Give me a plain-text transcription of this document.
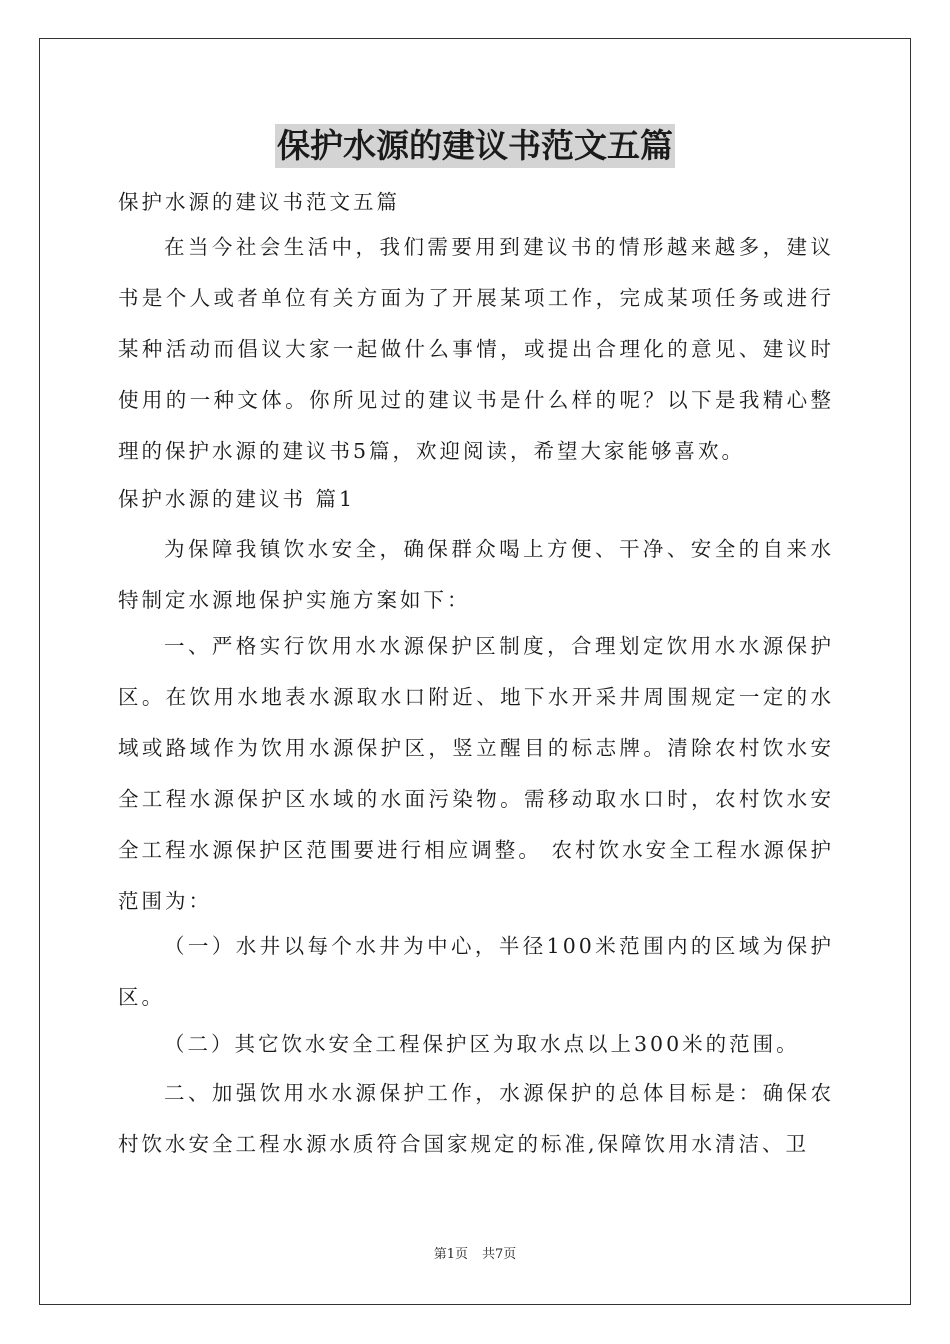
保护水源的建议书范文五篇

保护水源的建议书范文五篇

在当今社会生活中，我们需要用到建议书的情形越来越多，建议书是个人或者单位有关方面为了开展某项工作，完成某项任务或进行某种活动而倡议大家一起做什么事情，或提出合理化的意见、建议时使用的一种文体。你所见过的建议书是什么样的呢？以下是我精心整理的保护水源的建议书5篇，欢迎阅读，希望大家能够喜欢。

保护水源的建议书 篇1

为保障我镇饮水安全，确保群众喝上方便、干净、安全的自来水特制定水源地保护实施方案如下：

一、严格实行饮用水水源保护区制度，合理划定饮用水水源保护区。在饮用水地表水源取水口附近、地下水开采井周围规定一定的水域或路域作为饮用水源保护区，竖立醒目的标志牌。清除农村饮水安全工程水源保护区水域的水面污染物。需移动取水口时，农村饮水安全工程水源保护区范围要进行相应调整。 农村饮水安全工程水源保护范围为：

（一）水井以每个水井为中心，半径100米范围内的区域为保护区。

（二）其它饮水安全工程保护区为取水点以上300米的范围。

二、加强饮用水水源保护工作，水源保护的总体目标是：确保农村饮水安全工程水源水质符合国家规定的标准,保障饮用水清洁、卫

第1页 共7页
